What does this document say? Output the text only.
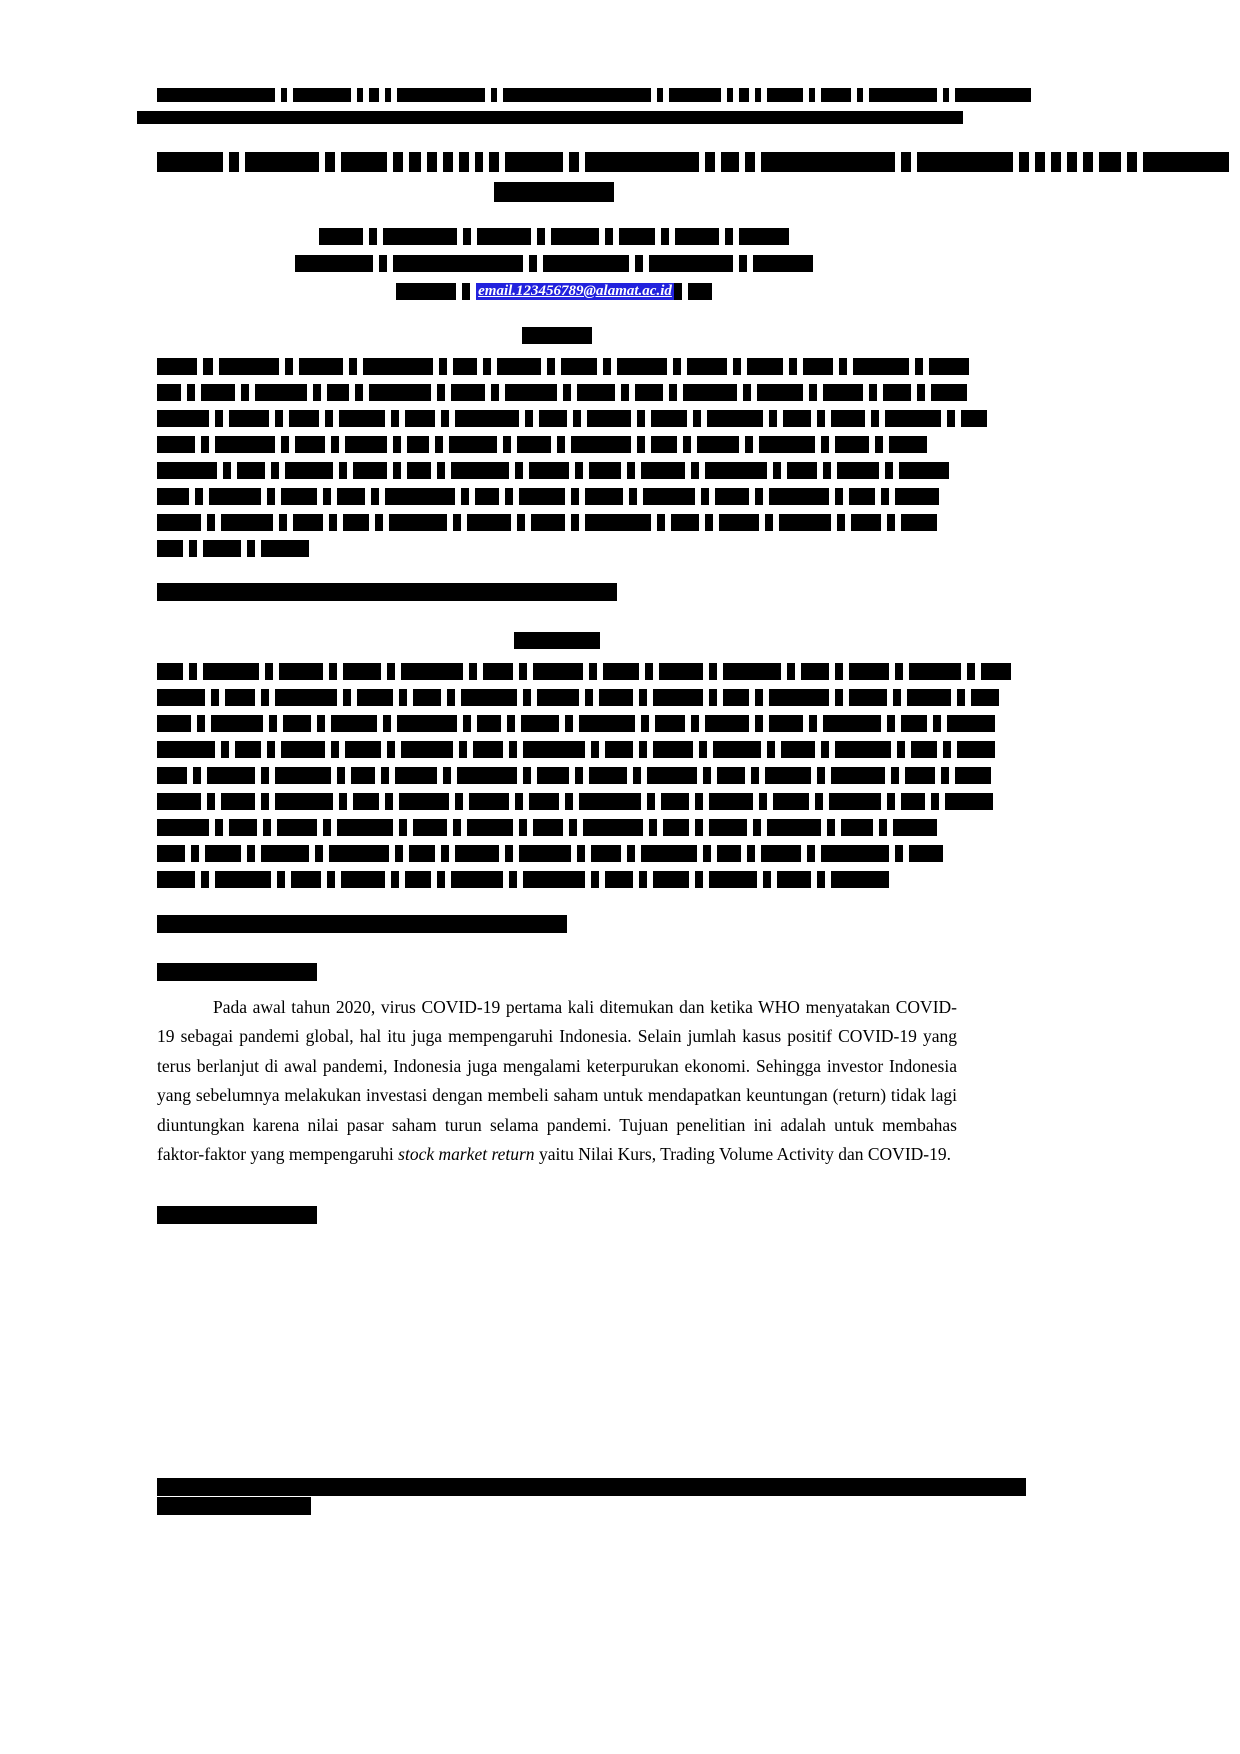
email.123456789@alamat.ac.id

Pada awal tahun 2020, virus COVID-19 pertama kali ditemukan dan ketika WHO menyatakan COVID-19 sebagai pandemi global, hal itu juga mempengaruhi Indonesia. Selain jumlah kasus positif COVID-19 yang terus berlanjut di awal pandemi, Indonesia juga mengalami keterpurukan ekonomi. Sehingga investor Indonesia yang sebelumnya melakukan investasi dengan membeli saham untuk mendapatkan keuntungan (return) tidak lagi diuntungkan karena nilai pasar saham turun selama pandemi. Tujuan penelitian ini adalah untuk membahas faktor-faktor yang mempengaruhi stock market return yaitu Nilai Kurs, Trading Volume Activity dan COVID-19.
